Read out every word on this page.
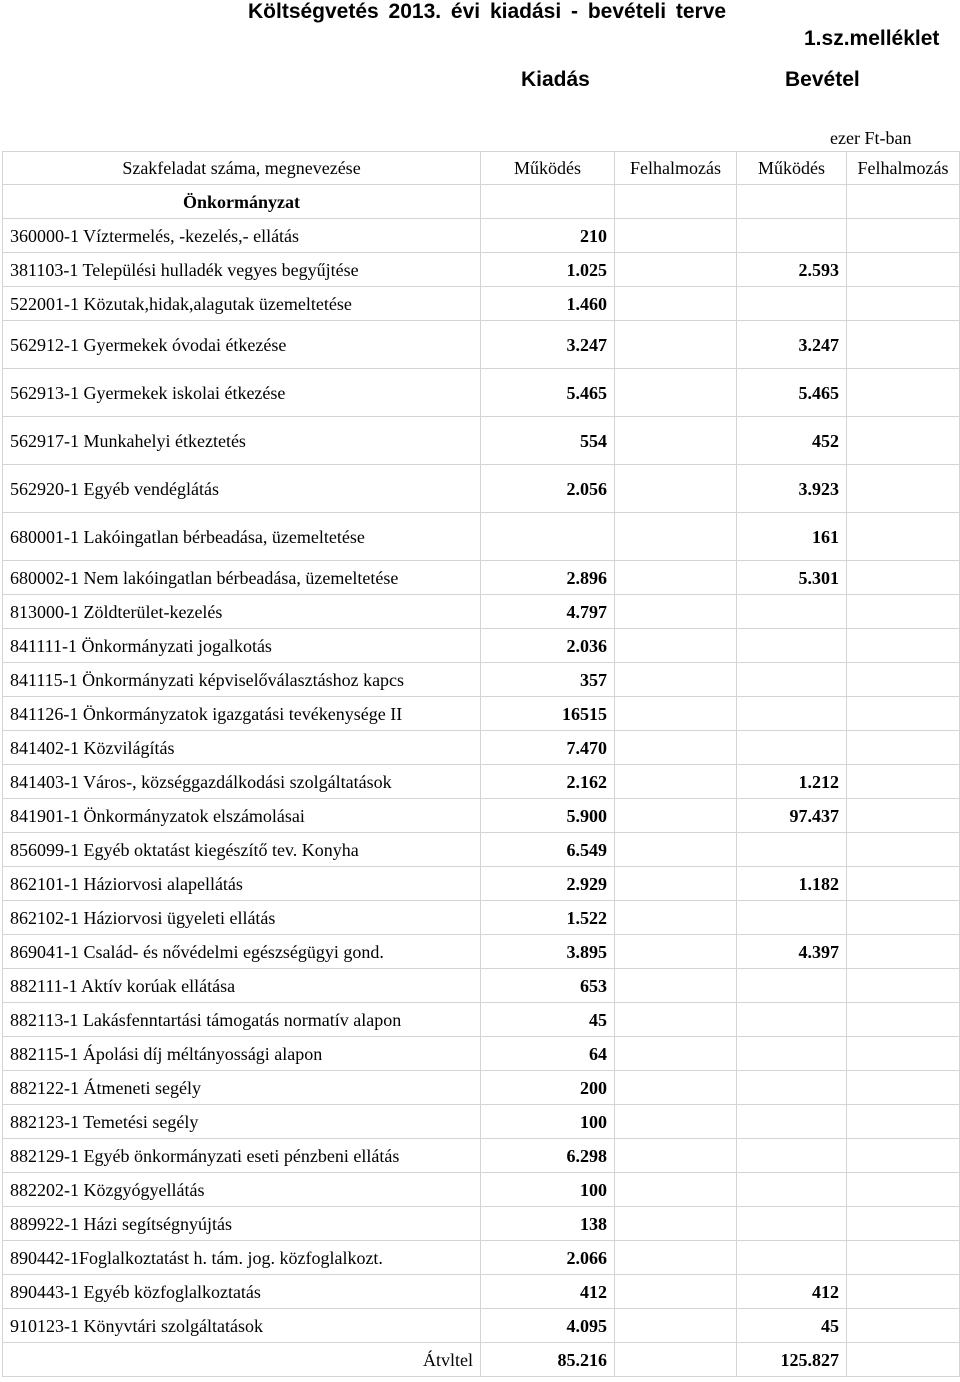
Költségvetés 2013. évi kiadási - bevételi terve
1.sz.melléklet
Kiadás	Bevétel
ezer Ft-ban
Szakfeladat száma, megnevezése	Működés	Felhalmozás	Működés	Felhalmozás
Önkormányzat				
360000-1 Víztermelés, -kezelés,- ellátás	210			
381103-1 Települési hulladék vegyes begyűjtése	1.025		2.593	
522001-1 Közutak,hidak,alagutak üzemeltetése	1.460			
562912-1 Gyermekek óvodai étkezése	3.247		3.247	
562913-1 Gyermekek iskolai étkezése	5.465		5.465	
562917-1 Munkahelyi étkeztetés	554		452	
562920-1 Egyéb vendéglátás	2.056		3.923	
680001-1 Lakóingatlan bérbeadása, üzemeltetése			161	
680002-1 Nem lakóingatlan bérbeadása, üzemeltetése	2.896		5.301	
813000-1 Zöldterület-kezelés	4.797			
841111-1 Önkormányzati jogalkotás	2.036			
841115-1 Önkormányzati képviselőválasztáshoz kapcs	357			
841126-1 Önkormányzatok igazgatási tevékenysége II	16515			
841402-1 Közvilágítás	7.470			
841403-1 Város-, községgazdálkodási szolgáltatások	2.162		1.212	
841901-1 Önkormányzatok elszámolásai	5.900		97.437	
856099-1 Egyéb oktatást kiegészítő tev. Konyha	6.549			
862101-1 Háziorvosi alapellátás	2.929		1.182	
862102-1 Háziorvosi ügyeleti ellátás	1.522			
869041-1 Család- és nővédelmi egészségügyi gond.	3.895		4.397	
882111-1 Aktív korúak ellátása	653			
882113-1 Lakásfenntartási támogatás normatív alapon	45			
882115-1 Ápolási díj méltányossági alapon	64			
882122-1 Átmeneti segély	200			
882123-1 Temetési segély	100			
882129-1 Egyéb önkormányzati eseti pénzbeni ellátás	6.298			
882202-1 Közgyógyellátás	100			
889922-1 Házi segítségnyújtás	138			
890442-1Foglalkoztatást h. tám. jog. közfoglalkozt.	2.066			
890443-1 Egyéb közfoglalkoztatás	412		412	
910123-1 Könyvtári szolgáltatások	4.095		45	
Átvltel	85.216		125.827	
